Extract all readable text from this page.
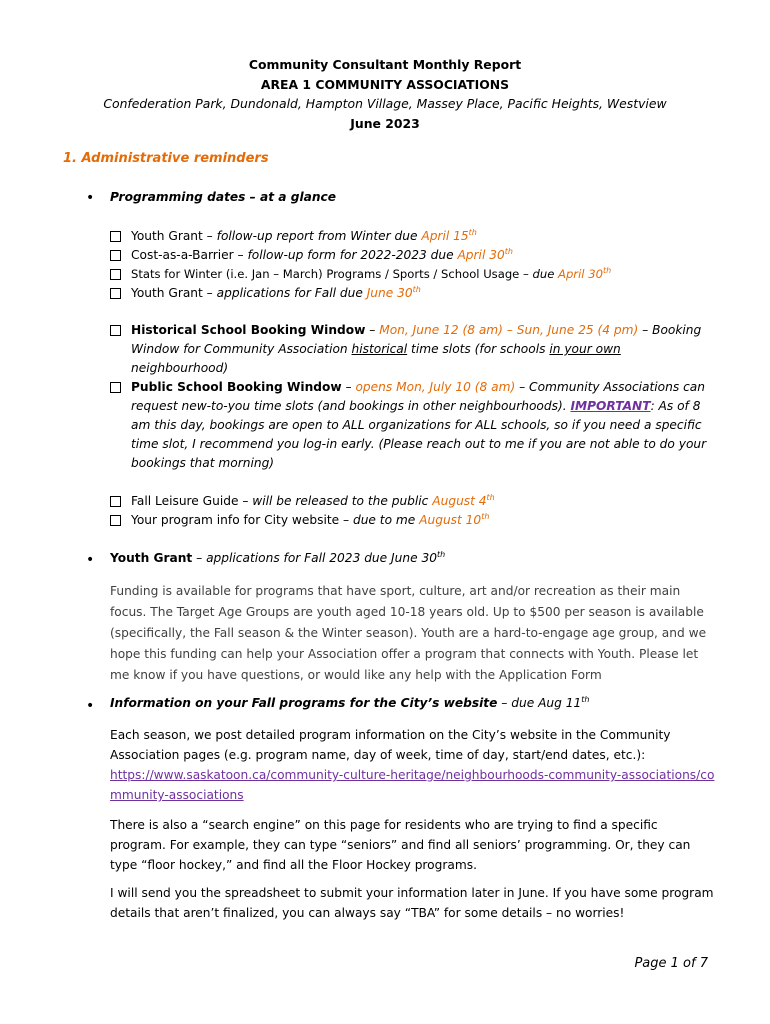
Community Consultant Monthly Report
AREA 1 COMMUNITY ASSOCIATIONS
Confederation Park, Dundonald, Hampton Village, Massey Place, Pacific Heights, Westview
June 2023
1. Administrative reminders
• Programming dates – at a glance
Youth Grant – follow-up report from Winter due April 15th
Cost-as-a-Barrier – follow-up form for 2022-2023 due April 30th
Stats for Winter (i.e. Jan – March) Programs / Sports / School Usage – due April 30th
Youth Grant – applications for Fall due June 30th
Historical School Booking Window – Mon, June 12 (8 am) – Sun, June 25 (4 pm) – Booking Window for Community Association historical time slots (for schools in your own neighbourhood)
Public School Booking Window – opens Mon, July 10 (8 am) – Community Associations can request new-to-you time slots (and bookings in other neighbourhoods). IMPORTANT: As of 8 am this day, bookings are open to ALL organizations for ALL schools, so if you need a specific time slot, I recommend you log-in early. (Please reach out to me if you are not able to do your bookings that morning)
Fall Leisure Guide – will be released to the public August 4th
Your program info for City website – due to me August 10th
• Youth Grant – applications for Fall 2023 due June 30th
Funding is available for programs that have sport, culture, art and/or recreation as their main focus. The Target Age Groups are youth aged 10-18 years old. Up to $500 per season is available (specifically, the Fall season & the Winter season). Youth are a hard-to-engage age group, and we hope this funding can help your Association offer a program that connects with Youth. Please let me know if you have questions, or would like any help with the Application Form
• Information on your Fall programs for the City’s website – due Aug 11th
Each season, we post detailed program information on the City’s website in the Community Association pages (e.g. program name, day of week, time of day, start/end dates, etc.):
https://www.saskatoon.ca/community-culture-heritage/neighbourhoods-community-associations/community-associations
There is also a “search engine” on this page for residents who are trying to find a specific program. For example, they can type “seniors” and find all seniors’ programming. Or, they can type “floor hockey,” and find all the Floor Hockey programs.
I will send you the spreadsheet to submit your information later in June. If you have some program details that aren’t finalized, you can always say “TBA” for some details – no worries!
Page 1 of 7
